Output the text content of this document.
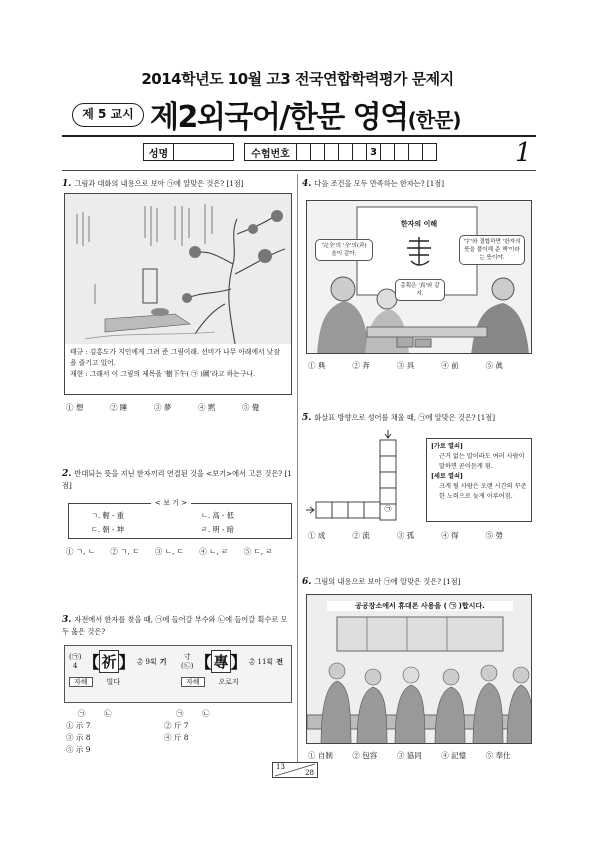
2014학년도 10월 고3 전국연합학력평가 문제지
제 5 교시 제2외국어/한문 영역(한문)
성명			수험번호						3					1
1. 그림과 대화의 내용으로 보아 ㉠에 알맞은 것은? [1점]
태규 : 김홍도가 지인에게 그려 준 그림이래. 선비가 나무 아래에서 낮잠을 즐기고 있어.
재현 : 그래서 이 그림의 제목을 '樹下午( ㉠ )圖'라고 하는구나.
① 想	② 睡	③ 夢	④ 黙	⑤ 覺
2. 반대되는 뜻을 지닌 한자끼리 연결된 것을 <보기>에서 고른 것은? [1점]
< 보 기 >
ㄱ. 輕 - 重	ㄴ. 高 - 低
ㄷ. 朝 - 坤	ㄹ. 明 - 暗
① ㄱ, ㄴ	② ㄱ, ㄷ	③ ㄴ, ㄷ	④ ㄴ, ㄹ	⑤ ㄷ, ㄹ
3. 자전에서 한자를 찾을 때, ㉠에 들어갈 부수와 ㉡에 들어갈 획수로 모두 옳은 것은?
(㉠)
4 【 祈 】 총 9획 기
자해	빌다
寸
(㉡) 【 專 】 총 11획 전
자해	오로지
㉠ ㉡	㉠ ㉡
① 示 7	② 斤 7
③ 示 8	④ 斤 8
⑤ 示 9
4. 다음 조건을 모두 만족하는 한자는? [1점]
한자의 이해
'完全'의 '全'의(과) 음이 같아.
'字'와 결합하면 '한자의 뜻을 풀이해 준 책'이라는 뜻이야.
총획은 '真'와 같지.
① 典	② 奔	③ 具	④ 前	⑤ 眞
5. 화살표 방향으로 성어를 채울 때, ㉠에 알맞은 것은? [1점]
㉠
[가로 열쇠]
근거 없는 말이라도 여러 사람이 말하면 곧이듣게 됨.
[세로 열쇠]
크게 될 사람은 오랜 시간의 꾸준한 노력으로 늦게 이루어짐.
① 成	② 流	③ 孤	④ 得	⑤ 勞
6. 그림의 내용으로 보아 ㉠에 알맞은 것은? [1점]
공공장소에서 휴대폰 사용을 ( ㉠ )합시다.
① 自制	② 包容	③ 協同	④ 記憶	⑤ 奉仕
13
28
